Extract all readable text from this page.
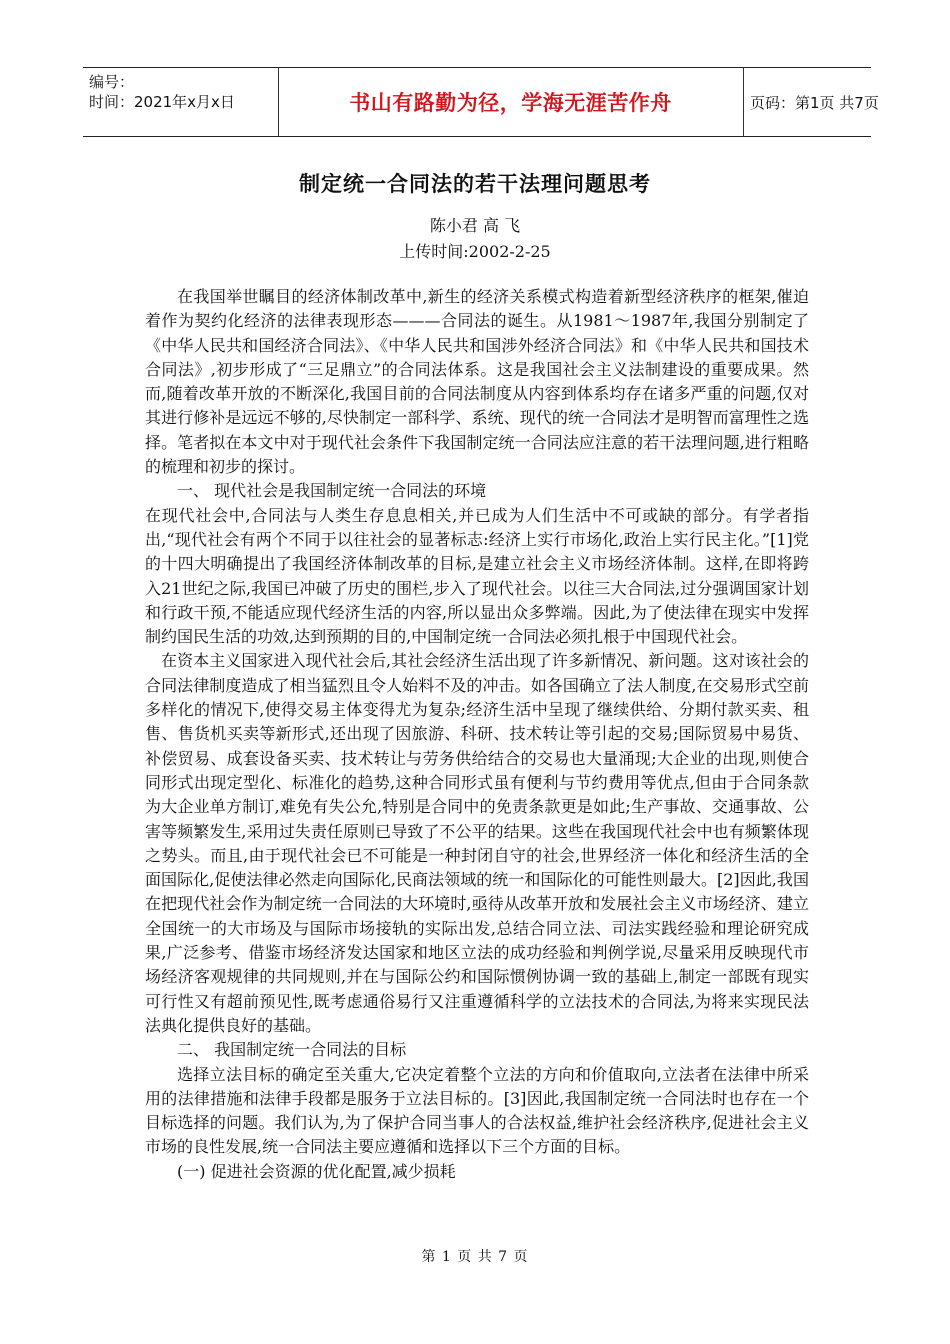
编号：
时间：2021年x月x日	书山有路勤为径，学海无涯苦作舟	页码：第1页 共7页
制定统一合同法的若干法理问题思考
陈小君 高 飞
上传时间:2002-2-25

在我国举世瞩目的经济体制改革中,新生的经济关系模式构造着新型经济秩序的框架,催迫着作为契约化经济的法律表现形态———合同法的诞生。从1981～1987年,我国分别制定了《中华人民共和国经济合同法》、《中华人民共和国涉外经济合同法》和《中华人民共和国技术合同法》,初步形成了“三足鼎立”的合同法体系。这是我国社会主义法制建设的重要成果。然而,随着改革开放的不断深化,我国目前的合同法制度从内容到体系均存在诸多严重的问题,仅对其进行修补是远远不够的,尽快制定一部科学、系统、现代的统一合同法才是明智而富理性之选择。笔者拟在本文中对于现代社会条件下我国制定统一合同法应注意的若干法理问题,进行粗略的梳理和初步的探讨。

一、 现代社会是我国制定统一合同法的环境

在现代社会中,合同法与人类生存息息相关,并已成为人们生活中不可或缺的部分。有学者指出,“现代社会有两个不同于以往社会的显著标志:经济上实行市场化,政治上实行民主化。”[1]党的十四大明确提出了我国经济体制改革的目标,是建立社会主义市场经济体制。这样,在即将跨入21世纪之际,我国已冲破了历史的围栏,步入了现代社会。以往三大合同法,过分强调国家计划和行政干预,不能适应现代经济生活的内容,所以显出众多弊端。因此,为了使法律在现实中发挥制约国民生活的功效,达到预期的目的,中国制定统一合同法必须扎根于中国现代社会。

在资本主义国家进入现代社会后,其社会经济生活出现了许多新情况、新问题。这对该社会的合同法律制度造成了相当猛烈且令人始料不及的冲击。如各国确立了法人制度,在交易形式空前多样化的情况下,使得交易主体变得尤为复杂;经济生活中呈现了继续供给、分期付款买卖、租售、售货机买卖等新形式,还出现了因旅游、科研、技术转让等引起的交易;国际贸易中易货、补偿贸易、成套设备买卖、技术转让与劳务供给结合的交易也大量涌现;大企业的出现,则使合同形式出现定型化、标准化的趋势,这种合同形式虽有便利与节约费用等优点,但由于合同条款为大企业单方制订,难免有失公允,特别是合同中的免责条款更是如此;生产事故、交通事故、公害等频繁发生,采用过失责任原则已导致了不公平的结果。这些在我国现代社会中也有频繁体现之势头。而且,由于现代社会已不可能是一种封闭自守的社会,世界经济一体化和经济生活的全面国际化,促使法律必然走向国际化,民商法领域的统一和国际化的可能性则最大。[2]因此,我国在把现代社会作为制定统一合同法的大环境时,亟待从改革开放和发展社会主义市场经济、建立全国统一的大市场及与国际市场接轨的实际出发,总结合同立法、司法实践经验和理论研究成果,广泛参考、借鉴市场经济发达国家和地区立法的成功经验和判例学说,尽量采用反映现代市场经济客观规律的共同规则,并在与国际公约和国际惯例协调一致的基础上,制定一部既有现实可行性又有超前预见性,既考虑通俗易行又注重遵循科学的立法技术的合同法,为将来实现民法法典化提供良好的基础。

二、 我国制定统一合同法的目标

选择立法目标的确定至关重大,它决定着整个立法的方向和价值取向,立法者在法律中所采用的法律措施和法律手段都是服务于立法目标的。[3]因此,我国制定统一合同法时也存在一个目标选择的问题。我们认为,为了保护合同当事人的合法权益,维护社会经济秩序,促进社会主义市场的良性发展,统一合同法主要应遵循和选择以下三个方面的目标。

(一) 促进社会资源的优化配置,减少损耗

第 1 页 共 7 页
